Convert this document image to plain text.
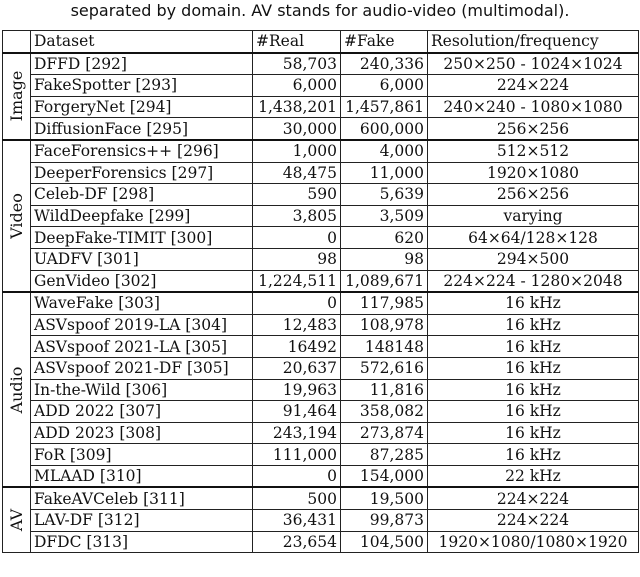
separated by domain. AV stands for audio-video (multimodal).
	Dataset	#Real	#Fake	Resolution/frequency

Image	DFFD [292]	58,703	240,336	250×250 - 1024×1024
	FakeSpotter [293]	6,000	6,000	224×224
	ForgeryNet [294]	1,438,201	1,457,861	240×240 - 1080×1080
	DiffusionFace [295]	30,000	600,000	256×256

Video	FaceForensics++ [296]	1,000	4,000	512×512
	DeeperForensics [297]	48,475	11,000	1920×1080
	Celeb-DF [298]	590	5,639	256×256
	WildDeepfake [299]	3,805	3,509	varying
	DeepFake-TIMIT [300]	0	620	64×64/128×128
	UADFV [301]	98	98	294×500
	GenVideo [302]	1,224,511	1,089,671	224×224 - 1280×2048

Audio	WaveFake [303]	0	117,985	16 kHz
	ASVspoof 2019-LA [304]	12,483	108,978	16 kHz
	ASVspoof 2021-LA [305]	16492	148148	16 kHz
	ASVspoof 2021-DF [305]	20,637	572,616	16 kHz
	In-the-Wild [306]	19,963	11,816	16 kHz
	ADD 2022 [307]	91,464	358,082	16 kHz
	ADD 2023 [308]	243,194	273,874	16 kHz
	FoR [309]	111,000	87,285	16 kHz
	MLAAD [310]	0	154,000	22 kHz

AV	FakeAVCeleb [311]	500	19,500	224×224
	LAV-DF [312]	36,431	99,873	224×224
	DFDC [313]	23,654	104,500	1920×1080/1080×1920
